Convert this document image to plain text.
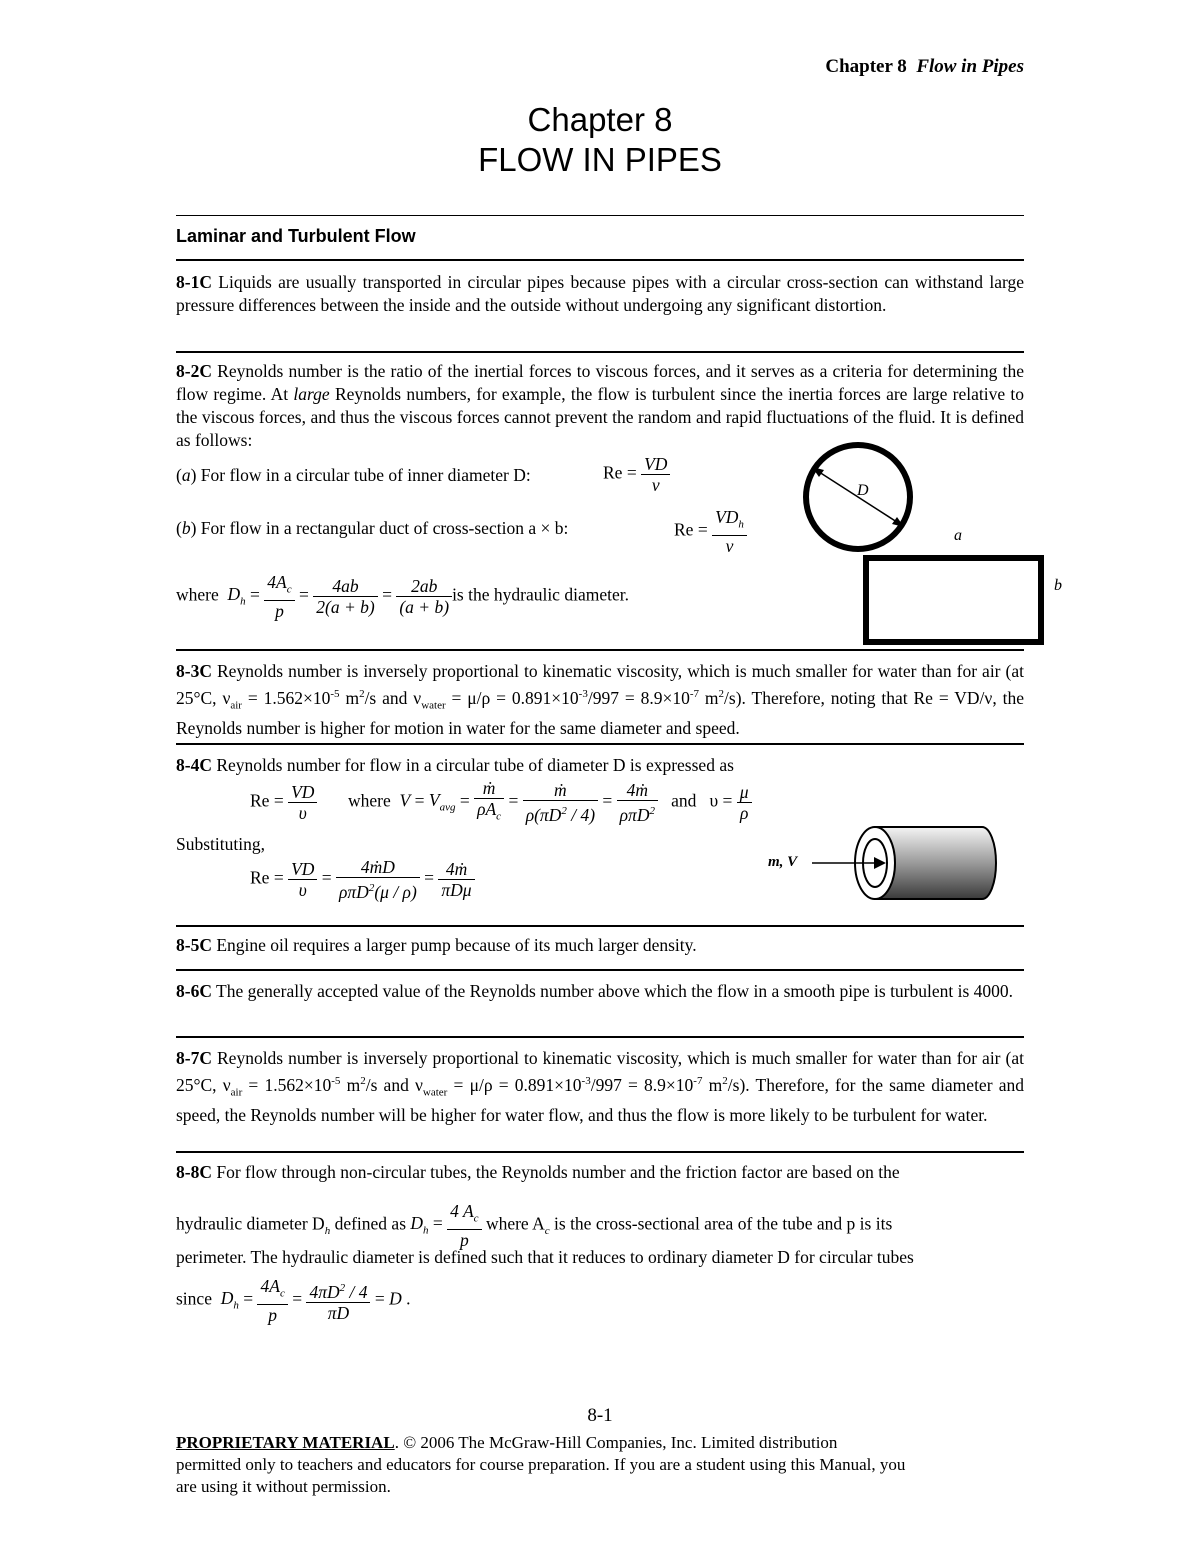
Chapter 8 Flow in Pipes
Chapter 8
FLOW IN PIPES
Laminar and Turbulent Flow
8-1C Liquids are usually transported in circular pipes because pipes with a circular cross-section can withstand large pressure differences between the inside and the outside without undergoing any significant distortion.
8-2C Reynolds number is the ratio of the inertial forces to viscous forces, and it serves as a criteria for determining the flow regime. At large Reynolds numbers, for example, the flow is turbulent since the inertia forces are large relative to the viscous forces, and thus the viscous forces cannot prevent the random and rapid fluctuations of the fluid. It is defined as follows:
(a) For flow in a circular tube of inner diameter D:	$Re = \frac{VD}{\nu}$
(b) For flow in a rectangular duct of cross-section a × b:	$Re = \frac{VD_h}{\nu}$
where  $D_h = \frac{4A_c}{p} = \frac{4ab}{2(a + b)} = \frac{2ab}{(a + b)}$ is the hydraulic diameter.
D
a
b
8-3C Reynolds number is inversely proportional to kinematic viscosity, which is much smaller for water than for air (at 25°C, $\nu_{air} = 1.562\times 10^{-5}$ $m^2/s$ and $\nu_{water} = \mu/\rho = 0.891\times 10^{-3}/997 = 8.9\times 10^{-7}$ $m^2/s$). Therefore, noting that Re = VD/ν, the Reynolds number is higher for motion in water for the same diameter and speed.
8-4C Reynolds number for flow in a circular tube of diameter D is expressed as
$Re = \frac{VD}{\upsilon}$ where  $V = V_{avg} = \frac{\text{ṁ}}{\rho A_c} = \frac{\text{ṁ}}{\rho(\pi D^2 / 4)} = \frac{\text{4ṁ}}{\rho\pi D^2}$ and   $\upsilon = \frac{\mu}{\rho}$
Substituting,
$Re = \frac{VD}{\upsilon} = \frac{\text{4ṁD}}{\rho\pi D^2(\mu / \rho)} = \frac{\text{4ṁ}}{\text{πDμ}}$	m, V
8-5C Engine oil requires a larger pump because of its much larger density.
8-6C The generally accepted value of the Reynolds number above which the flow in a smooth pipe is turbulent is 4000.
8-7C Reynolds number is inversely proportional to kinematic viscosity, which is much smaller for water than for air (at 25°C, $\nu_{air} = 1.562\times 10^{-5}$ $m^2/s$ and $\nu_{water} = \mu/\rho = 0.891\times 10^{-3}/997 = 8.9\times 10^{-7}$ $m^2/s$). Therefore, for the same diameter and speed, the Reynolds number will be higher for water flow, and thus the flow is more likely to be turbulent for water.
8-8C For flow through non-circular tubes, the Reynolds number and the friction factor are based on the
hydraulic diameter $D_h$ defined as $D_h = \frac{4 A_c}{p}$ where $A_c$ is the cross-sectional area of the tube and p is its
perimeter. The hydraulic diameter is defined such that it reduces to ordinary diameter D for circular tubes
since $D_h = \frac{4A_c}{p} = \frac{4\pi D^2 / 4}{\pi D} = D$ .
8-1
PROPRIETARY MATERIAL. © 2006 The McGraw-Hill Companies, Inc. Limited distribution
permitted only to teachers and educators for course preparation. If you are a student using this Manual, you
are using it without permission.
